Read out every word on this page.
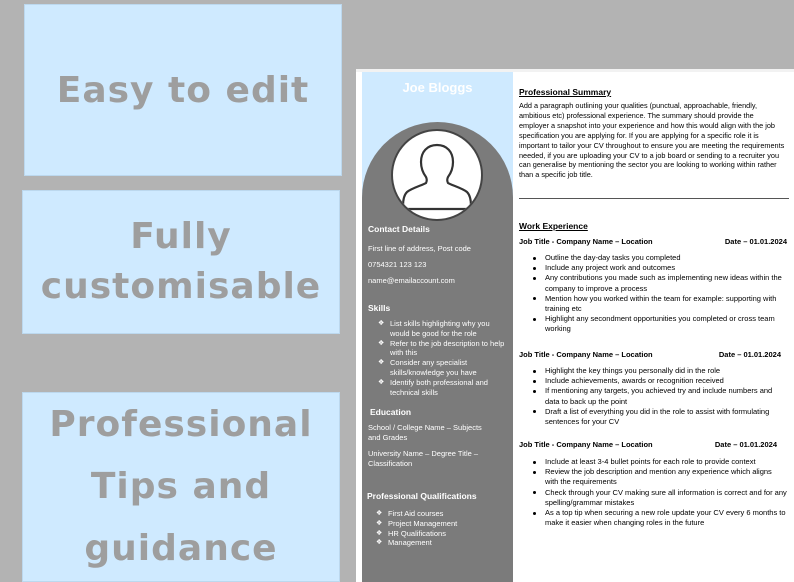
Easy to edit
Fully
customisable
Professional
Tips and
guidance
Joe Bloggs
Contact Details
First line of address, Post code
0754321 123 123
name@emailaccount.com
Skills
❖ List skills highlighting why you would be good for the role
❖ Refer to the job description to help with this
❖ Consider any specialist skills/knowledge you have
❖ Identify both professional and technical skills
Education
School / College Name – Subjects and Grades
University Name – Degree Title – Classification
Professional Qualifications
❖ First Aid courses
❖ Project Management
❖ HR Qualifications
❖ Management
Professional Summary
Add a paragraph outlining your qualities (punctual, approachable, friendly, ambitious etc) professional experience. The summary should provide the employer a snapshot into your experience and how this would align with the job specification you are applying for. If you are applying for a specific role it is important to tailor your CV throughout to ensure you are meeting the requirements needed, if you are uploading your CV to a job board or sending to a recruiter you can generalise by mentioning the sector you are looking to working within rather than a specific job title.
Work Experience
Job Title - Company Name – Location	Date – 01.01.2024
Outline the day-day tasks you completed
Include any project work and outcomes
Any contributions you made such as implementing new ideas within the company to improve a process
Mention how you worked within the team for example: supporting with training etc
Highlight any secondment opportunities you completed or cross team working
Job Title - Company Name – Location	Date – 01.01.2024
Highlight the key things you personally did in the role
Include achievements, awards or recognition received
If mentioning any targets, you achieved try and include numbers and data to back up the point
Draft a list of everything you did in the role to assist with formulating sentences for your CV
Job Title - Company Name – Location	Date – 01.01.2024
Include at least 3-4 bullet points for each role to provide context
Review the job description and mention any experience which aligns with the requirements
Check through your CV making sure all information is correct and for any spelling/grammar mistakes
As a top tip when securing a new role update your CV every 6 months to make it easier when changing roles in the future
